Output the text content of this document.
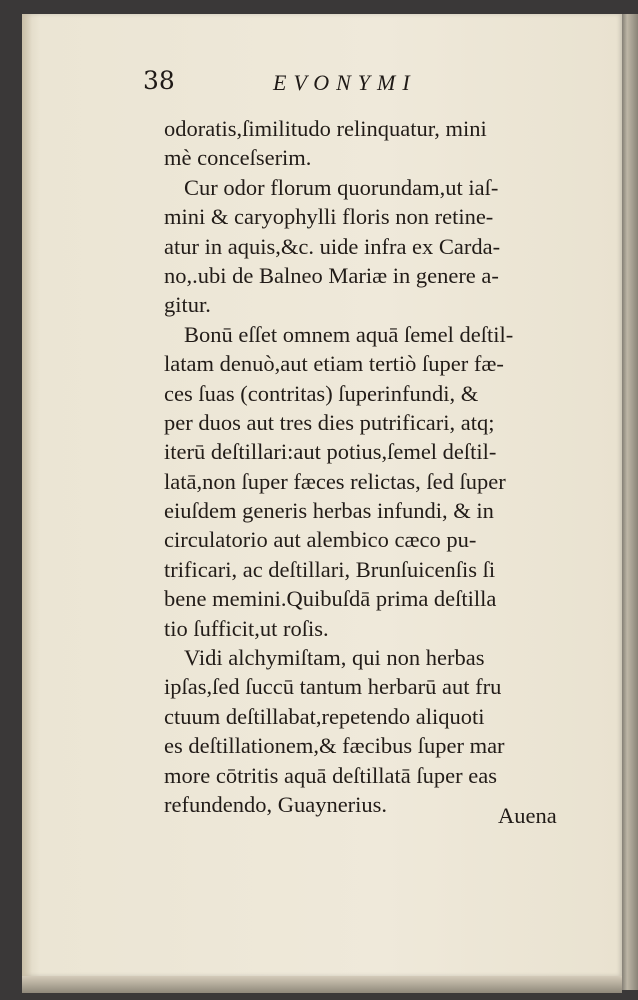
38	EVONYMI
odoratis,ſimilitudo relinquatur, mini
mè conceſserim.
Cur odor florum quorundam,ut iaſ-
mini & caryophylli floris non retine-
atur in aquis,&c. uide infra ex Carda-
no,.ubi de Balneo Mariæ in genere a-
gitur.
Bonū eſſet omnem aquā ſemel deſtil-
latam denuò,aut etiam tertiò ſuper fæ-
ces ſuas (contritas) ſuperinfundi, &
per duos aut tres dies putrificari, atq;
iterū deſtillari:aut potius,ſemel deſtil-
latā,non ſuper fæces relictas, ſed ſuper
eiuſdem generis herbas infundi, & in
circulatorio aut alembico cæco pu-
trificari, ac deſtillari, Brunſuicenſis ſi
bene memini.Quibuſdā prima deſtilla
tio ſufficit,ut roſis.
Vidi alchymiſtam, qui non herbas
ipſas,ſed ſuccū tantum herbarū aut fru
ctuum deſtillabat,repetendo aliquoti
es deſtillationem,& fæcibus ſuper mar
more cōtritis aquā deſtillatā ſuper eas
refundendo, Guaynerius.	Auena
